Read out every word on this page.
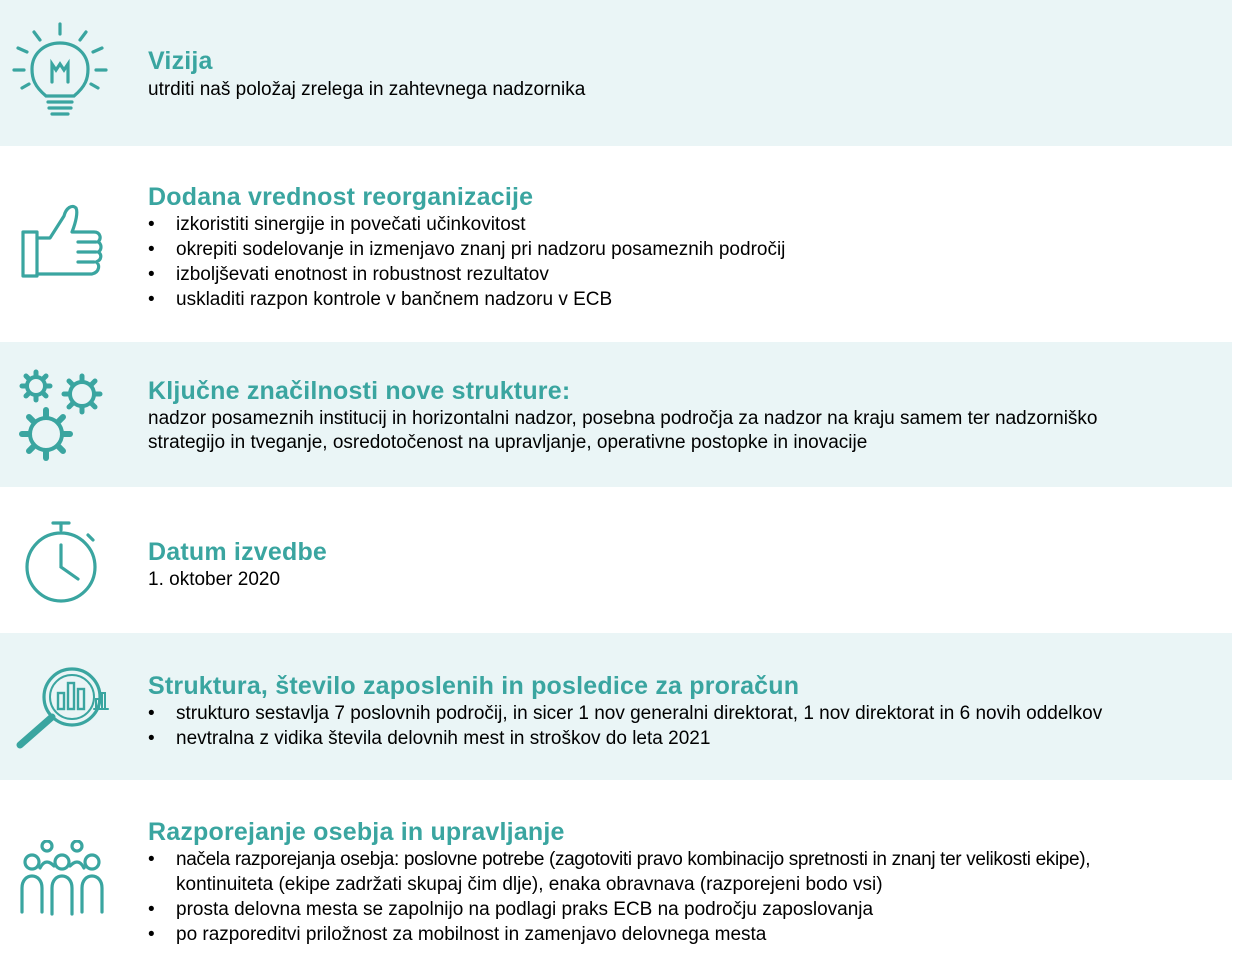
Vizija
utrditi naš položaj zrelega in zahtevnega nadzornika
Dodana vrednost reorganizacije
• izkoristiti sinergije in povečati učinkovitost
• okrepiti sodelovanje in izmenjavo znanj pri nadzoru posameznih področij
• izboljševati enotnost in robustnost rezultatov
• uskladiti razpon kontrole v bančnem nadzoru v ECB
Ključne značilnosti nove strukture:
nadzor posameznih institucij in horizontalni nadzor, posebna področja za nadzor na kraju samem ter nadzorniško
strategijo in tveganje, osredotočenost na upravljanje, operativne postopke in inovacije
Datum izvedbe
1. oktober 2020
Struktura, število zaposlenih in posledice za proračun
• strukturo sestavlja 7 poslovnih področij, in sicer 1 nov generalni direktorat, 1 nov direktorat in 6 novih oddelkov
• nevtralna z vidika števila delovnih mest in stroškov do leta 2021
Razporejanje osebja in upravljanje
• načela razporejanja osebja: poslovne potrebe (zagotoviti pravo kombinacijo spretnosti in znanj ter velikosti ekipe),
kontinuiteta (ekipe zadržati skupaj čim dlje), enaka obravnava (razporejeni bodo vsi)
• prosta delovna mesta se zapolnijo na podlagi praks ECB na področju zaposlovanja
• po razporeditvi priložnost za mobilnost in zamenjavo delovnega mesta
